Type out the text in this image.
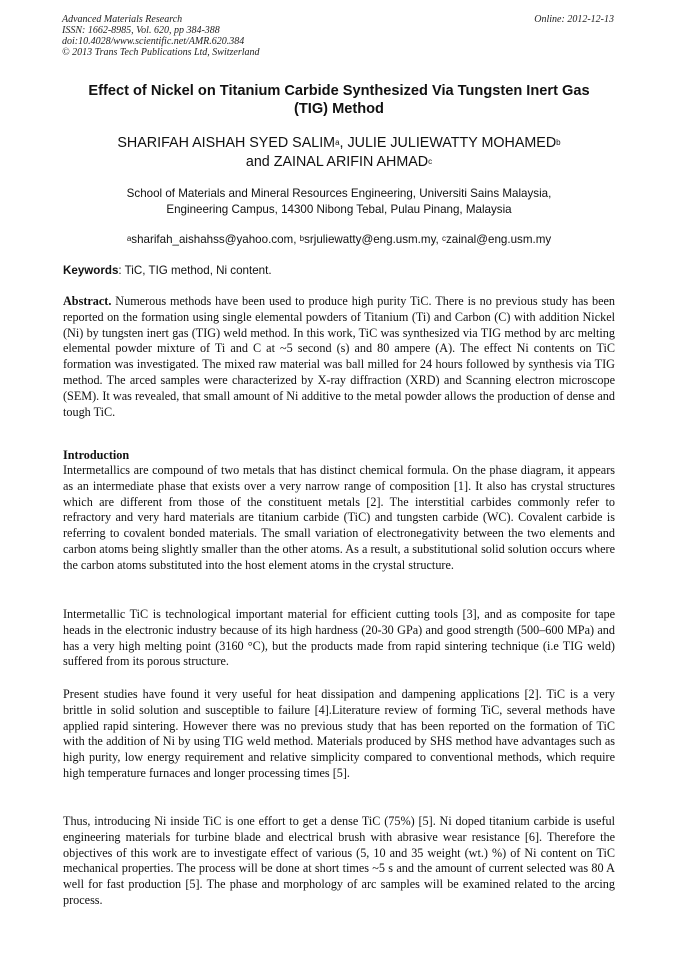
Advanced Materials Research
ISSN: 1662-8985, Vol. 620, pp 384-388
doi:10.4028/www.scientific.net/AMR.620.384
© 2013 Trans Tech Publications Ltd, Switzerland
Online: 2012-12-13
Effect of Nickel on Titanium Carbide Synthesized Via Tungsten Inert Gas (TIG) Method
SHARIFAH AISHAH SYED SALIM$^a$, JULIE JULIEWATTY MOHAMED$^b$
and ZAINAL ARIFIN AHMAD$^c$
School of Materials and Mineral Resources Engineering, Universiti Sains Malaysia,
Engineering Campus, 14300 Nibong Tebal, Pulau Pinang, Malaysia
$^a$sharifah_aishahss@yahoo.com, $^b$srjuliewatty@eng.usm.my, $^c$zainal@eng.usm.my
Keywords: TiC, TIG method, Ni content.
Abstract. Numerous methods have been used to produce high purity TiC. There is no previous study has been reported on the formation using single elemental powders of Titanium (Ti) and Carbon (C) with addition Nickel (Ni) by tungsten inert gas (TIG) weld method. In this work, TiC was synthesized via TIG method by arc melting elemental powder mixture of Ti and C at ~5 second (s) and 80 ampere (A). The effect Ni contents on TiC formation was investigated. The mixed raw material was ball milled for 24 hours followed by synthesis via TIG method. The arced samples were characterized by X-ray diffraction (XRD) and Scanning electron microscope (SEM). It was revealed, that small amount of Ni additive to the metal powder allows the production of dense and tough TiC.
Introduction
Intermetallics are compound of two metals that has distinct chemical formula. On the phase diagram, it appears as an intermediate phase that exists over a very narrow range of composition [1]. It also has crystal structures which are different from those of the constituent metals [2]. The interstitial carbides commonly refer to refractory and very hard materials are titanium carbide (TiC) and tungsten carbide (WC). Covalent carbide is referring to covalent bonded materials. The small variation of electronegativity between the two elements and carbon atoms being slightly smaller than the other atoms. As a result, a substitutional solid solution occurs where the carbon atoms substituted into the host element atoms in the crystal structure.
Intermetallic TiC is technological important material for efficient cutting tools [3], and as composite for tape heads in the electronic industry because of its high hardness (20-30 GPa) and good strength (500–600 MPa) and has a very high melting point (3160 °C), but the products made from rapid sintering technique (i.e TIG weld) suffered from its porous structure.
Present studies have found it very useful for heat dissipation and dampening applications [2]. TiC is a very brittle in solid solution and susceptible to failure [4].Literature review of forming TiC, several methods have applied rapid sintering. However there was no previous study that has been reported on the formation of TiC with the addition of Ni by using TIG weld method. Materials produced by SHS method have advantages such as high purity, low energy requirement and relative simplicity compared to conventional methods, which require high temperature furnaces and longer processing times [5].
Thus, introducing Ni inside TiC is one effort to get a dense TiC (75%) [5]. Ni doped titanium carbide is useful engineering materials for turbine blade and electrical brush with abrasive wear resistance [6]. Therefore the objectives of this work are to investigate effect of various (5, 10 and 35 weight (wt.) %) of Ni content on TiC mechanical properties. The process will be done at short times ~5 s and the amount of current selected was 80 A well for fast production [5]. The phase and morphology of arc samples will be examined related to the arcing process.
